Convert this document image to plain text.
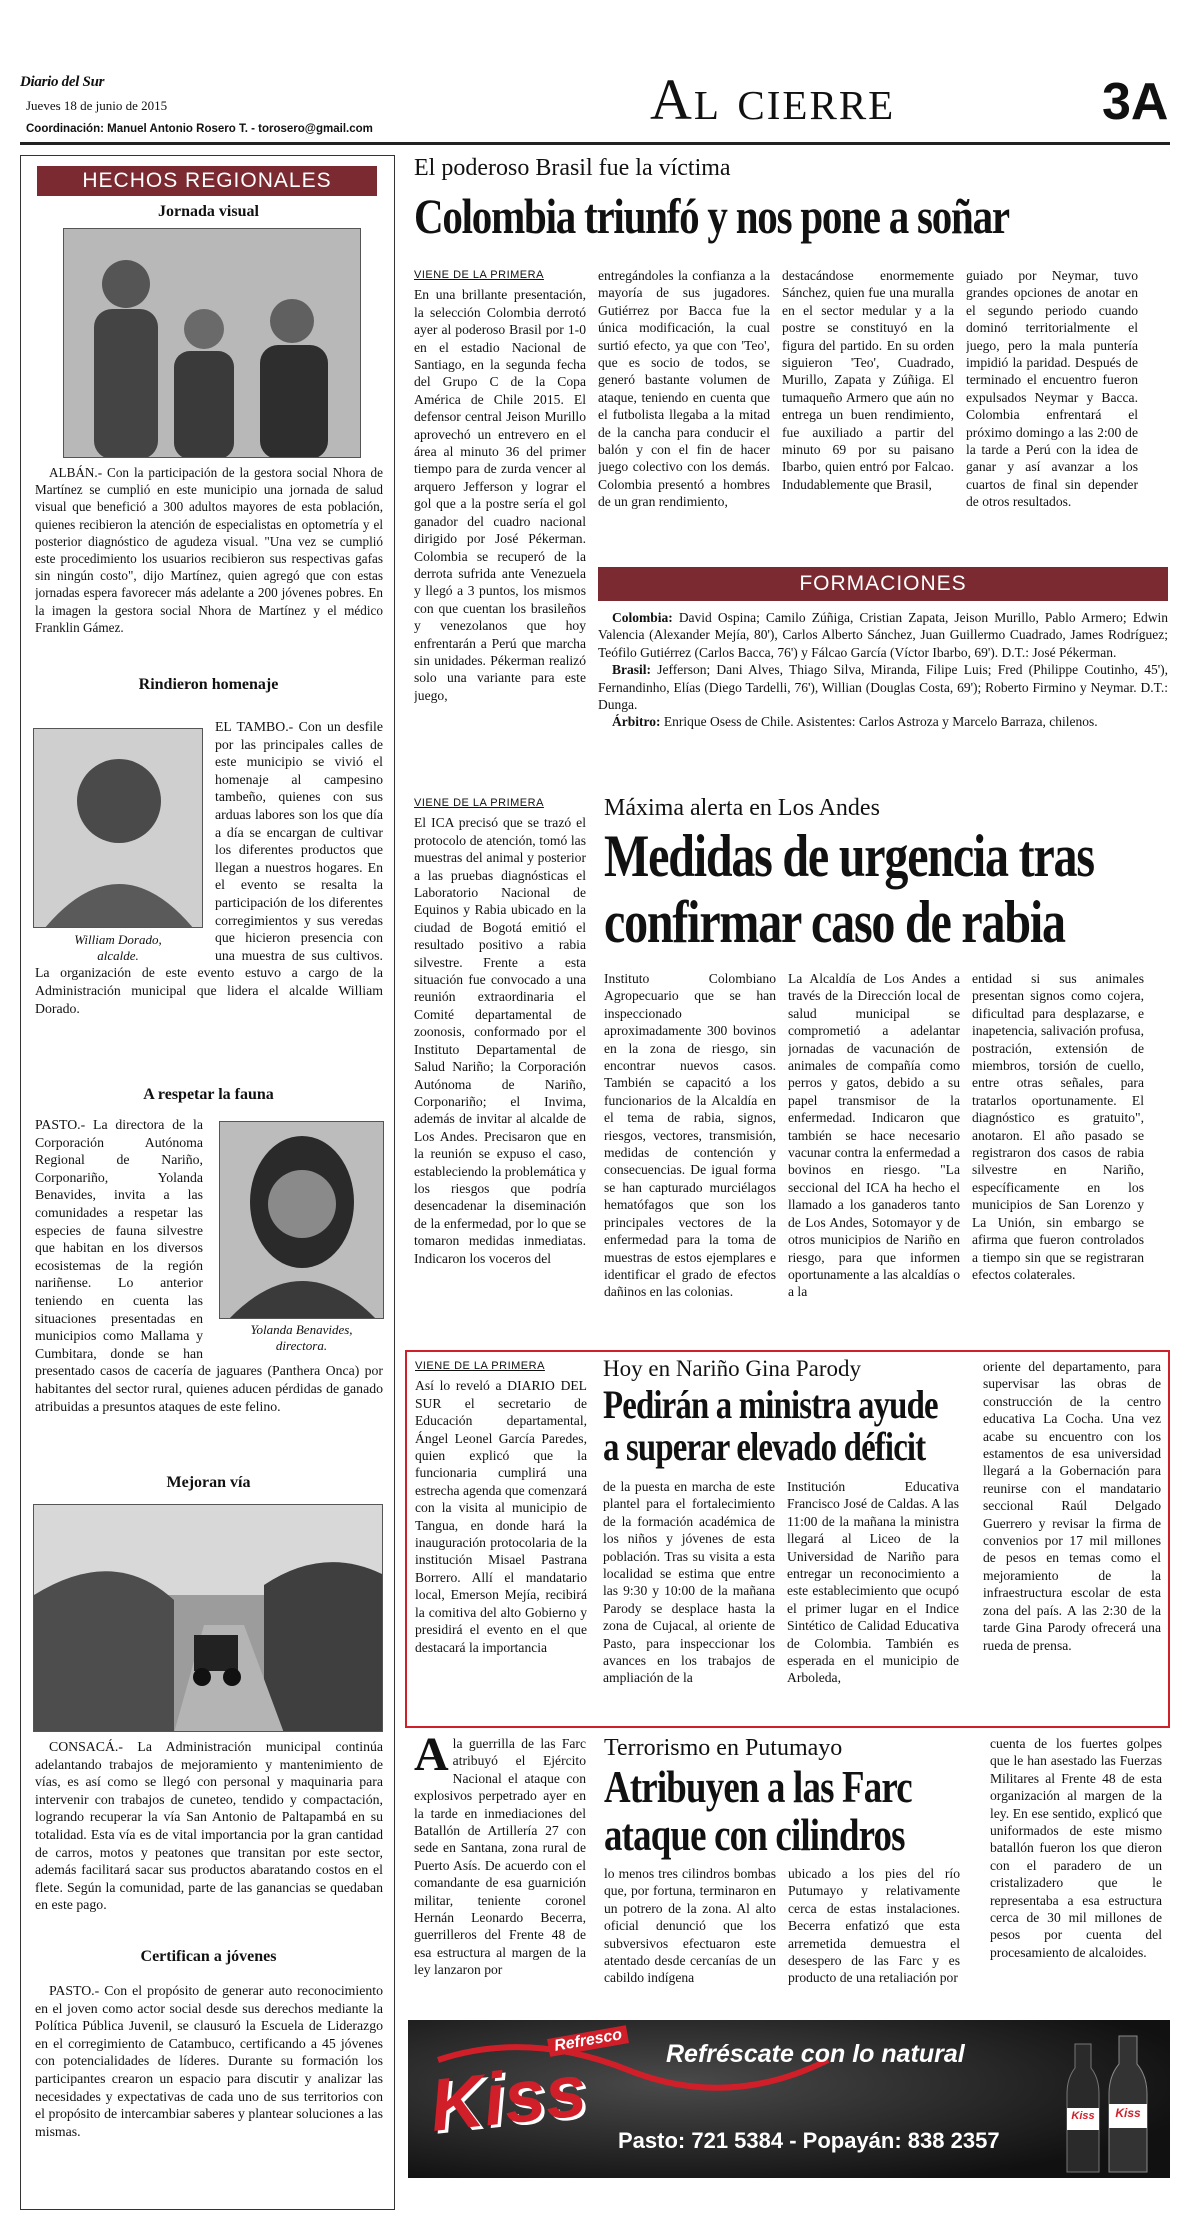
Diario del Sur
Jueves 18 de junio de 2015
Coordinación: Manuel Antonio Rosero T. - torosero@gmail.com	Al cierre	3A
HECHOS REGIONALES
Jornada visual
ALBÁN.- Con la participación de la gestora social Nhora de Martínez se cumplió en este municipio una jornada de salud visual que benefició a 300 adultos mayores de esta población, quienes recibieron la atención de especialistas en optometría y el posterior diagnóstico de agudeza visual. "Una vez se cumplió este procedimiento los usuarios recibieron sus respectivas gafas sin ningún costo", dijo Martínez, quien agregó que con estas jornadas espera favorecer más adelante a 200 jóvenes pobres. En la imagen la gestora social Nhora de Martínez y el médico Franklin Gámez.
Rindieron homenaje
William Dorado,
alcalde.
EL TAMBO.- Con un desfile por las principales calles de este municipio se vivió el homenaje al campesino tambeño, quienes con sus arduas labores son los que día a día se encargan de cultivar los diferentes productos que llegan a nuestros hogares. En el evento se resalta la participación de los diferentes corregimientos y sus veredas que hicieron presencia con una muestra de sus cultivos. La organización de este evento estuvo a cargo de la Administración municipal que lidera el alcalde William Dorado.
A respetar la fauna
Yolanda Benavides,
directora.
PASTO.- La directora de la Corporación Autónoma Regional de Nariño, Corponariño, Yolanda Benavides, invita a las comunidades a respetar las especies de fauna silvestre que habitan en los diversos ecosistemas de la región nariñense. Lo anterior teniendo en cuenta las situaciones presentadas en municipios como Mallama y Cumbitara, donde se han presentado casos de cacería de jaguares (Panthera Onca) por habitantes del sector rural, quienes aducen pérdidas de ganado atribuidas a presuntos ataques de este felino.
Mejoran vía
CONSACÁ.- La Administración municipal continúa adelantando trabajos de mejoramiento y mantenimiento de vías, es así como se llegó con personal y maquinaria para intervenir con trabajos de cuneteo, tendido y compactación, logrando recuperar la vía San Antonio de Paltapambá en su totalidad. Esta vía es de vital importancia por la gran cantidad de carros, motos y peatones que transitan por este sector, además facilitará sacar sus productos abaratando costos en el flete. Según la comunidad, parte de las ganancias se quedaban en este pago.
Certifican a jóvenes
PASTO.- Con el propósito de generar auto reconocimiento en el joven como actor social desde sus derechos mediante la Política Pública Juvenil, se clausuró la Escuela de Liderazgo en el corregimiento de Catambuco, certificando a 45 jóvenes con potencialidades de líderes. Durante su formación los participantes crearon un espacio para discutir y analizar las necesidades y expectativas de cada uno de sus territorios con el propósito de intercambiar saberes y plantear soluciones a las mismas.
El poderoso Brasil fue la víctima
Colombia triunfó y nos pone a soñar
VIENE DE LA PRIMERA
En una brillante presentación, la selección Colombia derrotó ayer al poderoso Brasil por 1-0 en el estadio Nacional de Santiago, en la segunda fecha del Grupo C de la Copa América de Chile 2015. El defensor central Jeison Murillo aprovechó un entrevero en el área al minuto 36 del primer tiempo para de zurda vencer al arquero Jefferson y lograr el gol que a la postre sería el gol ganador del cuadro nacional dirigido por José Pékerman. Colombia se recuperó de la derrota sufrida ante Venezuela y llegó a 3 puntos, los mismos con que cuentan los brasileños y venezolanos que hoy enfrentarán a Perú que marcha sin unidades. Pékerman realizó solo una variante para este juego,
entregándoles la confianza a la mayoría de sus jugadores. Gutiérrez por Bacca fue la única modificación, la cual surtió efecto, ya que con 'Teo', que es socio de todos, se generó bastante volumen de ataque, teniendo en cuenta que el futbolista llegaba a la mitad de la cancha para conducir el balón y con el fin de hacer juego colectivo con los demás. Colombia presentó a hombres de un gran rendimiento,
destacándose enormemente Sánchez, quien fue una muralla en el sector medular y a la postre se constituyó en la figura del partido. En su orden siguieron 'Teo', Cuadrado, Murillo, Zapata y Zúñiga. El tumaqueño Armero que aún no entrega un buen rendimiento, fue auxiliado a partir del minuto 69 por su paisano Ibarbo, quien entró por Falcao. Indudablemente que Brasil,
guiado por Neymar, tuvo grandes opciones de anotar en el segundo periodo cuando dominó territorialmente el juego, pero la mala puntería impidió la paridad. Después de terminado el encuentro fueron expulsados Neymar y Bacca. Colombia enfrentará el próximo domingo a las 2:00 de la tarde a Perú con la idea de ganar y así avanzar a los cuartos de final sin depender de otros resultados.
FORMACIONES
Colombia: David Ospina; Camilo Zúñiga, Cristian Zapata, Jeison Murillo, Pablo Armero; Edwin Valencia (Alexander Mejía, 80'), Carlos Alberto Sánchez, Juan Guillermo Cuadrado, James Rodríguez; Teófilo Gutiérrez (Carlos Bacca, 76') y Fálcao García (Víctor Ibarbo, 69'). D.T.: José Pékerman.
Brasil: Jefferson; Dani Alves, Thiago Silva, Miranda, Filipe Luis; Fred (Philippe Coutinho, 45'), Fernandinho, Elías (Diego Tardelli, 76'), Willian (Douglas Costa, 69'); Roberto Firmino y Neymar. D.T.: Dunga.
Árbitro: Enrique Osess de Chile. Asistentes: Carlos Astroza y Marcelo Barraza, chilenos.
VIENE DE LA PRIMERA
El ICA precisó que se trazó el protocolo de atención, tomó las muestras del animal y posterior a las pruebas diagnósticas el Laboratorio Nacional de Equinos y Rabia ubicado en la ciudad de Bogotá emitió el resultado positivo a rabia silvestre. Frente a esta situación fue convocado a una reunión extraordinaria el Comité departamental de zoonosis, conformado por el Instituto Departamental de Salud Nariño; la Corporación Autónoma de Nariño, Corponariño; el Invima, además de invitar al alcalde de Los Andes. Precisaron que en la reunión se expuso el caso, estableciendo la problemática y los riesgos que podría desencadenar la diseminación de la enfermedad, por lo que se tomaron medidas inmediatas. Indicaron los voceros del
Máxima alerta en Los Andes
Medidas de urgencia tras confirmar caso de rabia
Instituto Colombiano Agropecuario que se han inspeccionado aproximadamente 300 bovinos en la zona de riesgo, sin encontrar nuevos casos. También se capacitó a los funcionarios de la Alcaldía en el tema de rabia, signos, riesgos, vectores, transmisión, medidas de contención y consecuencias. De igual forma se han capturado murciélagos hematófagos que son los principales vectores de la enfermedad para la toma de muestras de estos ejemplares e identificar el grado de efectos dañinos en las colonias.
La Alcaldía de Los Andes a través de la Dirección local de salud municipal se comprometió a adelantar jornadas de vacunación de animales de compañía como perros y gatos, debido a su papel transmisor de la enfermedad. Indicaron que también se hace necesario vacunar contra la enfermedad a bovinos en riesgo. "La seccional del ICA ha hecho el llamado a los ganaderos tanto de Los Andes, Sotomayor y de otros municipios de Nariño en riesgo, para que informen oportunamente a las alcaldías o a la
entidad si sus animales presentan signos como cojera, dificultad para desplazarse, e inapetencia, salivación profusa, postración, extensión de miembros, torsión de cuello, entre otras señales, para tratarlos oportunamente. El diagnóstico es gratuito", anotaron. El año pasado se registraron dos casos de rabia silvestre en Nariño, específicamente en los municipios de San Lorenzo y La Unión, sin embargo se afirma que fueron controlados a tiempo sin que se registraran efectos colaterales.
VIENE DE LA PRIMERA
Así lo reveló a DIARIO DEL SUR el secretario de Educación departamental, Ángel Leonel García Paredes, quien explicó que la funcionaria cumplirá una estrecha agenda que comenzará con la visita al municipio de Tangua, en donde hará la inauguración protocolaria de la institución Misael Pastrana Borrero. Allí el mandatario local, Emerson Mejía, recibirá la comitiva del alto Gobierno y presidirá el evento en el que destacará la importancia
Hoy en Nariño Gina Parody
Pedirán a ministra ayude a superar elevado déficit
de la puesta en marcha de este plantel para el fortalecimiento de la formación académica de los niños y jóvenes de esta población. Tras su visita a esta localidad se estima que entre las 9:30 y 10:00 de la mañana Parody se desplace hasta la zona de Cujacal, al oriente de Pasto, para inspeccionar los avances en los trabajos de ampliación de la
Institución Educativa Francisco José de Caldas. A las 11:00 de la mañana la ministra llegará al Liceo de la Universidad de Nariño para entregar un reconocimiento a este establecimiento que ocupó el primer lugar en el Indice Sintético de Calidad Educativa de Colombia. También es esperada en el municipio de Arboleda,
oriente del departamento, para supervisar las obras de construcción de la centro educativa La Cocha. Una vez acabe su encuentro con los estamentos de esa universidad llegará a la Gobernación para reunirse con el mandatario seccional Raúl Delgado Guerrero y revisar la firma de convenios por 17 mil millones de pesos en temas como el mejoramiento de la infraestructura escolar de esta zona del país. A las 2:30 de la tarde Gina Parody ofrecerá una rueda de prensa.
A la guerrilla de las Farc atribuyó el Ejército Nacional el ataque con explosivos perpetrado ayer en la tarde en inmediaciones del Batallón de Artillería 27 con sede en Santana, zona rural de Puerto Asís. De acuerdo con el comandante de esa guarnición militar, teniente coronel Hernán Leonardo Becerra, guerrilleros del Frente 48 de esa estructura al margen de la ley lanzaron por
Terrorismo en Putumayo
Atribuyen a las Farc ataque con cilindros
lo menos tres cilindros bombas que, por fortuna, terminaron en un potrero de la zona. Al alto oficial denunció que los subversivos efectuaron este atentado desde cercanías de un cabildo indígena
ubicado a los pies del río Putumayo y relativamente cerca de estas instalaciones. Becerra enfatizó que esta arremetida demuestra el desespero de las Farc y es producto de una retaliación por
cuenta de los fuertes golpes que le han asestado las Fuerzas Militares al Frente 48 de esta organización al margen de la ley. En ese sentido, explicó que uniformados de este mismo batallón fueron los que dieron con el paradero de un cristalizadero que le representaba a esa estructura cerca de 30 mil millones de pesos por cuenta del procesamiento de alcaloides.
Refresco
Kiss	Refréscate con lo natural
Pasto: 721 5384 - Popayán: 838 2357
Kiss	Kiss
